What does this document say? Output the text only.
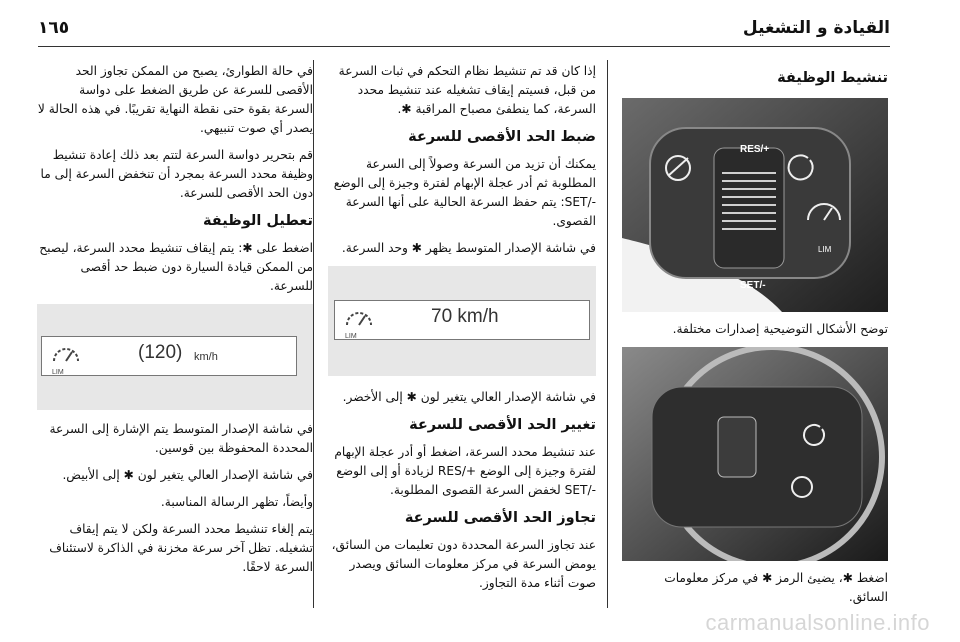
١٦٥	القيادة و التشغيل
تنشيط الوظيفة
RES/+
SET/-
LIM

توضح الأشكال التوضيحية إصدارات مختلفة.

اضغط ✱، يضيئ الرمز ✱ في مركز معلومات السائق.

إذا كان قد تم تنشيط نظام التحكم في ثبات السرعة من قبل، فسيتم إيقاف تشغيله عند تنشيط محدد السرعة، كما ينطفئ مصباح المراقبة ✱.

ضبط الحد الأقصى للسرعة

يمكنك أن تزيد من السرعة وصولاً إلى السرعة المطلوبة ثم أدر عجلة الإبهام لفترة وجيزة إلى الوضع -/SET: يتم حفظ السرعة الحالية على أنها السرعة القصوى.

في شاشة الإصدار المتوسط يظهر ✱ وحد السرعة.

LIM
70 km/h

في شاشة الإصدار العالي يتغير لون ✱ إلى الأخضر.

تغيير الحد الأقصى للسرعة

عند تنشيط محدد السرعة، اضغط أو أدر عجلة الإبهام لفترة وجيزة إلى الوضع +/RES لزيادة أو إلى الوضع -/SET لخفض السرعة القصوى المطلوبة.

تجاوز الحد الأقصى للسرعة

عند تجاوز السرعة المحددة دون تعليمات من السائق، يومض السرعة في مركز معلومات السائق ويصدر صوت أثناء مدة التجاوز.

في حالة الطوارئ، يصبح من الممكن تجاوز الحد الأقصى للسرعة عن طريق الضغط على دواسة السرعة بقوة حتى نقطة النهاية تقريبًا. في هذه الحالة لا يصدر أي صوت تنبيهي.

قم بتحرير دواسة السرعة لتتم بعد ذلك إعادة تنشيط وظيفة محدد السرعة بمجرد أن تنخفض السرعة إلى ما دون الحد الأقصى للسرعة.

تعطيل الوظيفة

اضغط على ✱: يتم إيقاف تنشيط محدد السرعة، ليصبح من الممكن قيادة السيارة دون ضبط حد أقصى للسرعة.

LIM
(120) km/h

في شاشة الإصدار المتوسط يتم الإشارة إلى السرعة المحددة المحفوظة بين قوسين.

في شاشة الإصدار العالي يتغير لون ✱ إلى الأبيض.

وأيضاً، تظهر الرسالة المناسبة.

يتم إلغاء تنشيط محدد السرعة ولكن لا يتم إيقاف تشغيله. تظل آخر سرعة مخزنة في الذاكرة لاستئناف السرعة لاحقًا.

carmanualsonline.info
